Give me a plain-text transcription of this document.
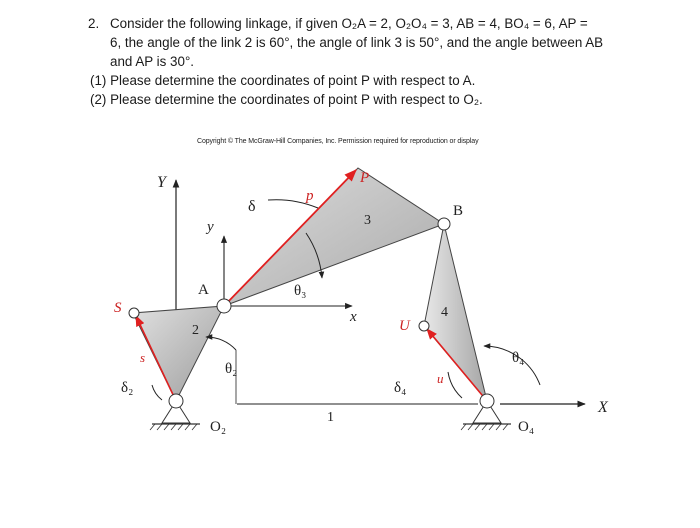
2. Consider the following linkage, if given O₂A = 2, O₂O₄ = 3, AB = 4, BO₄ = 6, AP =
6, the angle of the link 2 is 60°, the angle of link 3 is 50°, and the angle between AB
and AP is 30°.
(1) Please determine the coordinates of point P with respect to A.
(2) Please determine the coordinates of point P with respect to O₂.
Copyright © The McGraw-Hill Companies, Inc. Permission required for reproduction or display
Y
X
y
x
A
B
P
S
U
p
s
u
δ
δ₂	δ₄
θ₂
θ₃
θ₄
O₂	O₄
1
2
3
4
